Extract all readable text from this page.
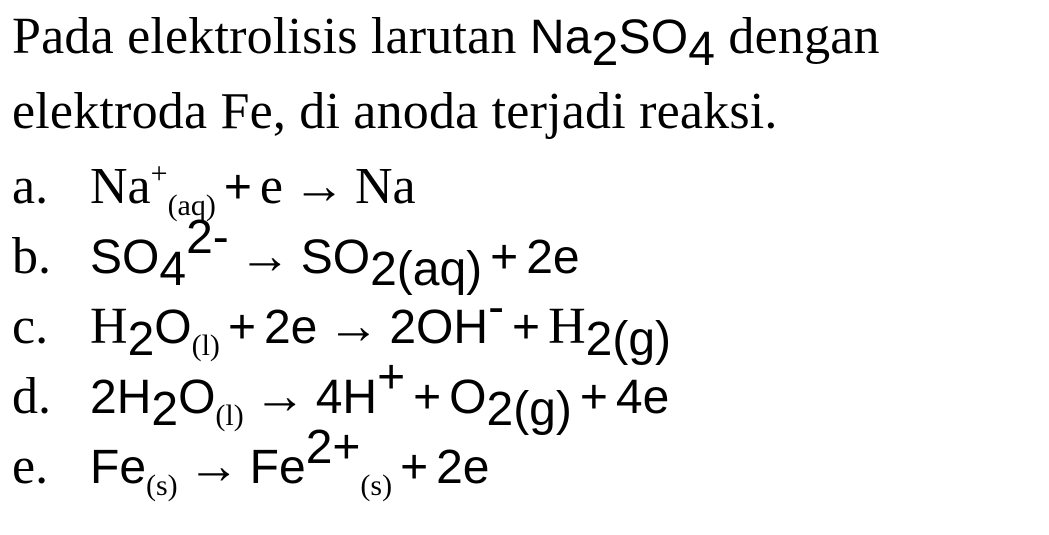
Pada elektrolisis larutan $Na_2SO_4$ dengan
elektroda Fe, di anoda terjadi reaksi.
a. $Na^+_{(aq)} + e \to Na$
b. $SO_4^{2-} \to SO_{2(aq)} + 2e$
c. $H_2O_{(l)} + 2e \to 2OH^- + H_{2(g)}$
d. $2H_2O_{(l)} \to 4H^+ + O_{2(g)} + 4e$
e. $Fe_{(s)} \to Fe^{2+}_{(s)} + 2e$
